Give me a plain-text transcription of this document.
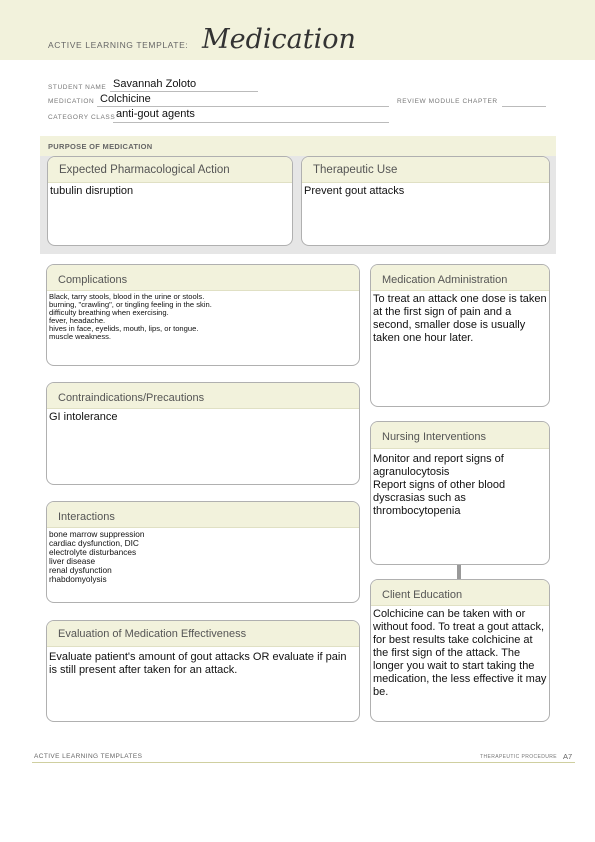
ACTIVE LEARNING TEMPLATE: Medication
STUDENT NAME Savannah Zoloto
MEDICATION Colchicine	REVIEW MODULE CHAPTER
CATEGORY CLASS anti-gout agents
PURPOSE OF MEDICATION
Expected Pharmacological Action
tubulin disruption
Therapeutic Use
Prevent gout attacks
Complications
Black, tarry stools, blood in the urine or stools.
burning, "crawling", or tingling feeling in the skin.
difficulty breathing when exercising.
fever, headache.
hives in face, eyelids, mouth, lips, or tongue.
muscle weakness.
Medication Administration
To treat an attack one dose is taken at the first sign of pain and a second, smaller dose is usually taken one hour later.
Contraindications/Precautions
GI intolerance
Nursing Interventions
Monitor and report signs of agranulocytosis
Report signs of other blood dyscrasias such as thrombocytopenia
Interactions
bone marrow suppression
cardiac dysfunction, DIC
electrolyte disturbances
liver disease
renal dysfunction
rhabdomyolysis
Client Education
Colchicine can be taken with or without food. To treat a gout attack, for best results take colchicine at the first sign of the attack. The longer you wait to start taking the medication, the less effective it may be.
Evaluation of Medication Effectiveness
Evaluate patient's amount of gout attacks OR evaluate if pain is still present after taken for an attack.
ACTIVE LEARNING TEMPLATES	THERAPEUTIC PROCEDURE A7
